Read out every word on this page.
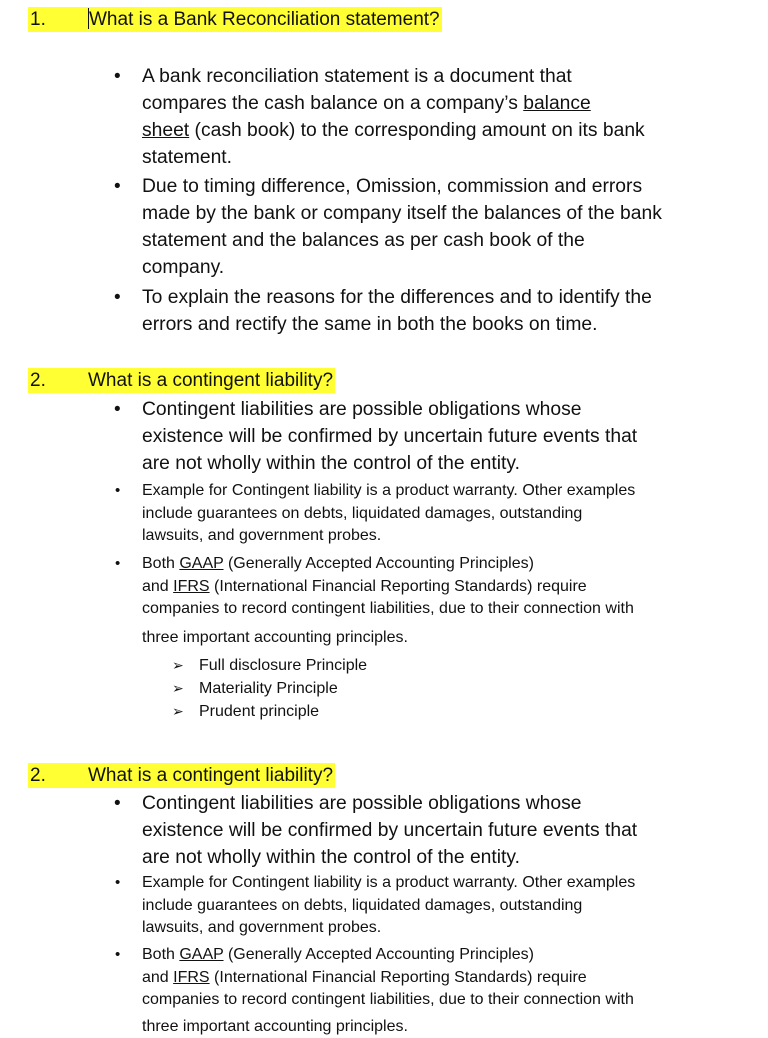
1. What is a Bank Reconciliation statement?
• A bank reconciliation statement is a document that
compares the cash balance on a company’s balance
sheet (cash book) to the corresponding amount on its bank
statement.
• Due to timing difference, Omission, commission and errors
made by the bank or company itself the balances of the bank
statement and the balances as per cash book of the
company.
• To explain the reasons for the differences and to identify the
errors and rectify the same in both the books on time.
2. What is a contingent liability?
• Contingent liabilities are possible obligations whose
existence will be confirmed by uncertain future events that
are not wholly within the control of the entity.
• Example for Contingent liability is a product warranty. Other examples
include guarantees on debts, liquidated damages, outstanding
lawsuits, and government probes.
• Both GAAP (Generally Accepted Accounting Principles)
and IFRS (International Financial Reporting Standards) require
companies to record contingent liabilities, due to their connection with
three important accounting principles.
➢ Full disclosure Principle
➢ Materiality Principle
➢ Prudent principle
2. What is a contingent liability?
• Contingent liabilities are possible obligations whose
existence will be confirmed by uncertain future events that
are not wholly within the control of the entity.
• Example for Contingent liability is a product warranty. Other examples
include guarantees on debts, liquidated damages, outstanding
lawsuits, and government probes.
• Both GAAP (Generally Accepted Accounting Principles)
and IFRS (International Financial Reporting Standards) require
companies to record contingent liabilities, due to their connection with
three important accounting principles.
